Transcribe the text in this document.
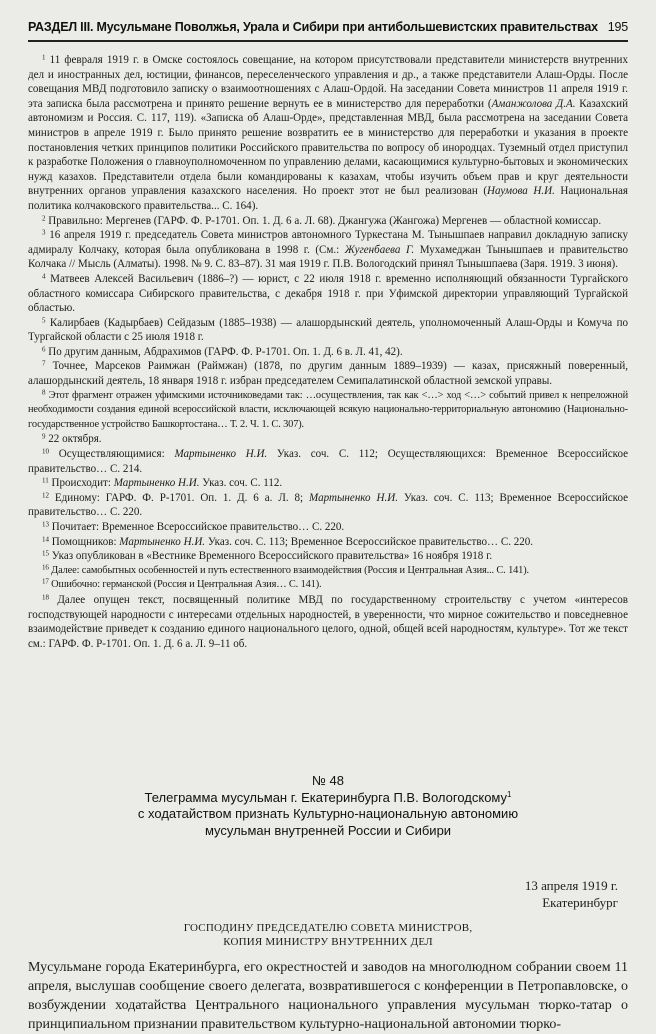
РАЗДЕЛ III. Мусульмане Поволжья, Урала и Сибири при антибольшевистских правительствах 195
$^1$ 11 февраля 1919 г. в Омске состоялось совещание, на котором присутствовали представители министерств внутренних дел и иностранных дел, юстиции, финансов, переселенческого управления и др., а также представители Алаш-Орды. После совещания МВД подготовило записку о взаимоотношениях с Алаш-Ордой. На заседании Совета министров 11 апреля 1919 г. эта записка была рассмотрена и принято решение вернуть ее в министерство для переработки (Аманжолова Д.А. Казахский автономизм и Россия. С. 117, 119). «Записка об Алаш-Орде», представленная МВД, была рассмотрена на заседании Совета министров в апреле 1919 г. Было принято решение возвратить ее в министерство для переработки и указания в проекте постановления четких принципов политики Российского правительства по вопросу об инородцах. Туземный отдел приступил к разработке Положения о главноуполномоченном по управлению делами, касающимися культурно-бытовых и экономических нужд казахов. Представители отдела были командированы к казахам, чтобы изучить объем прав и круг деятельности внутренних органов управления казахского населения. Но проект этот не был реализован (Наумова Н.И. Национальная политика колчаковского правительства... С. 164).
$^2$ Правильно: Мергенев (ГАРФ. Ф. Р-1701. Оп. 1. Д. 6 а. Л. 68). Джангужа (Жангожа) Мергенев — областной комиссар.
$^3$ 16 апреля 1919 г. председатель Совета министров автономного Туркестана М. Тынышпаев направил докладную записку адмиралу Колчаку, которая была опубликована в 1998 г. (См.: Жугенбаева Г. Мухамеджан Тынышпаев и правительство Колчака // Мысль (Алматы). 1998. № 9. С. 83–87). 31 мая 1919 г. П.В. Вологодский принял Тынышпаева (Заря. 1919. 3 июня).
$^4$ Матвеев Алексей Васильевич (1886–?) — юрист, с 22 июля 1918 г. временно исполняющий обязанности Тургайского областного комиссара Сибирского правительства, с декабря 1918 г. при Уфимской директории управляющий Тургайской областью.
$^5$ Калирбаев (Кадырбаев) Сейдазым (1885–1938) — алашордынский деятель, уполномоченный Алаш-Орды и Комуча по Тургайской области с 25 июля 1918 г.
$^6$ По другим данным, Абдрахимов (ГАРФ. Ф. Р-1701. Оп. 1. Д. 6 в. Л. 41, 42).
$^7$ Точнее, Марсеков Раимжан (Раймжан) (1878, по другим данным 1889–1939) — казах, присяжный поверенный, алашордынский деятель, 18 января 1918 г. избран председателем Семипалатинской областной земской управы.
$^8$ Этот фрагмент отражен уфимскими источниковедами так: …осуществления, так как <…> ход <…> событий привел к непреложной необходимости создания единой всероссийской власти, исключающей всякую национально-территориальную автономию (Национально-государственное устройство Башкортостана… Т. 2. Ч. 1. С. 307).
$^9$ 22 октября.
$^{10}$ Осуществляющимися: Мартыненко Н.И. Указ. соч. С. 112; Осуществляющихся: Временное Всероссийское правительство… С. 214.
$^{11}$ Происходит: Мартыненко Н.И. Указ. соч. С. 112.
$^{12}$ Единому: ГАРФ. Ф. Р-1701. Оп. 1. Д. 6 а. Л. 8; Мартыненко Н.И. Указ. соч. С. 113; Временное Всероссийское правительство… С. 220.
$^{13}$ Почитает: Временное Всероссийское правительство… С. 220.
$^{14}$ Помощников: Мартыненко Н.И. Указ. соч. С. 113; Временное Всероссийское правительство… С. 220.
$^{15}$ Указ опубликован в «Вестнике Временного Всероссийского правительства» 16 ноября 1918 г.
$^{16}$ Далее: самобытных особенностей и путь естественного взаимодействия (Россия и Центральная Азия... С. 141).
$^{17}$ Ошибочно: германской (Россия и Центральная Азия… С. 141).
$^{18}$ Далее опущен текст, посвященный политике МВД по государственному строительству с учетом «интересов господствующей народности с интересами отдельных народностей, в уверенности, что мирное сожительство и повседневное взаимодействие приведет к созданию единого национального целого, одной, общей всей народностям, культуре». Тот же текст см.: ГАРФ. Ф. Р-1701. Оп. 1. Д. 6 а. Л. 9–11 об.
№ 48
Телеграмма мусульман г. Екатеринбурга П.В. Вологодскому$^1$
с ходатайством признать Культурно-национальную автономию
мусульман внутренней России и Сибири
13 апреля 1919 г.
Екатеринбург
ГОСПОДИНУ ПРЕДСЕДАТЕЛЮ СОВЕТА МИНИСТРОВ,
КОПИЯ МИНИСТРУ ВНУТРЕННИХ ДЕЛ
Мусульмане города Екатеринбурга, его окрестностей и заводов на многолюдном собрании своем 11 апреля, выслушав сообщение своего делегата, возвратившегося с конференции в Петропавловске, о возбуждении ходатайства Центрального национального управления мусульман тюрко-татар о принципиальном признании правительством культурно-национальной автономии тюрко-
